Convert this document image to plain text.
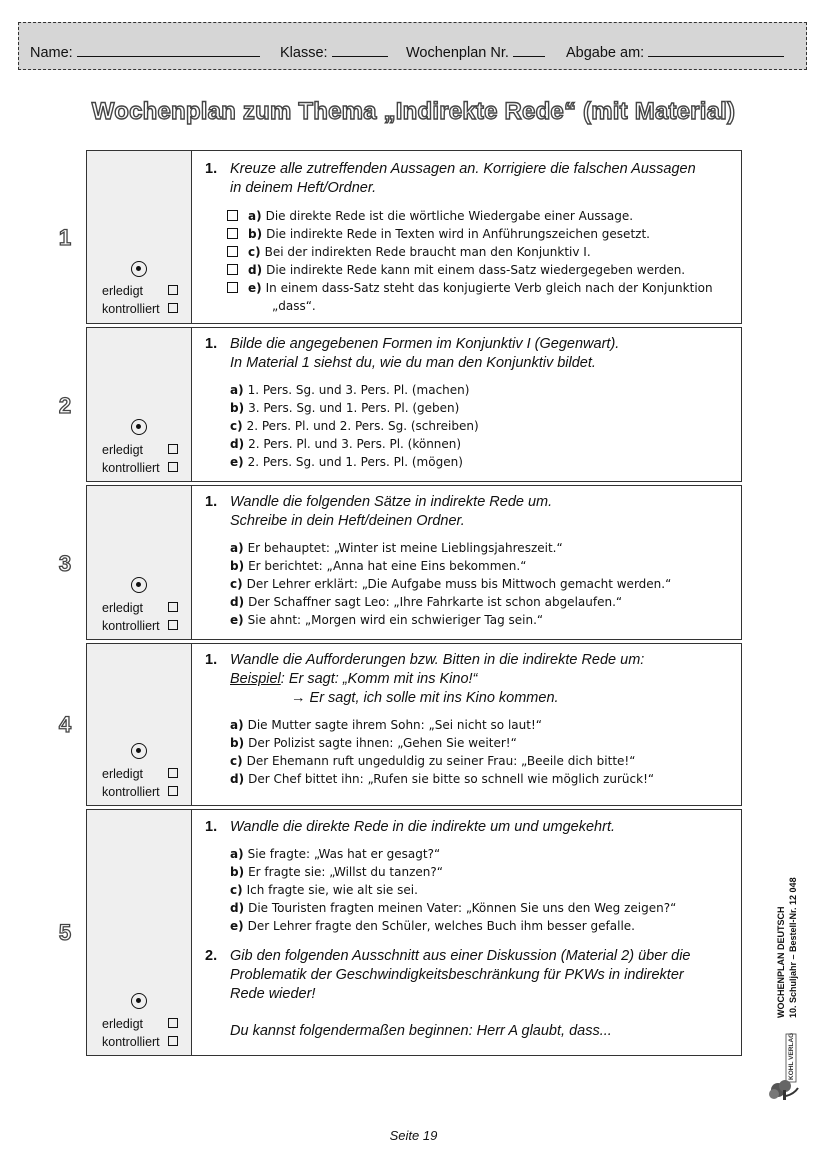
Name:	Klasse:	Wochenplan Nr.	Abgabe am:
Wochenplan zum Thema „Indirekte Rede“ (mit Material)
1
erledigt
kontrolliert
1. Kreuze alle zutreffenden Aussagen an. Korrigiere die falschen Aussagen
in deinem Heft/Ordner.
a) Die direkte Rede ist die wörtliche Wiedergabe einer Aussage.
b) Die indirekte Rede in Texten wird in Anführungszeichen gesetzt.
c) Bei der indirekten Rede braucht man den Konjunktiv I.
d) Die indirekte Rede kann mit einem dass-Satz wiedergegeben werden.
e) In einem dass-Satz steht das konjugierte Verb gleich nach der Konjunktion
„dass“.
2
erledigt
kontrolliert
1. Bilde die angegebenen Formen im Konjunktiv I (Gegenwart).
In Material 1 siehst du, wie du man den Konjunktiv bildet.
a) 1. Pers. Sg. und 3. Pers. Pl. (machen)
b) 3. Pers. Sg. und 1. Pers. Pl. (geben)
c) 2. Pers. Pl. und 2. Pers. Sg. (schreiben)
d) 2. Pers. Pl. und 3. Pers. Pl. (können)
e) 2. Pers. Sg. und 1. Pers. Pl. (mögen)
3
erledigt
kontrolliert
1. Wandle die folgenden Sätze in indirekte Rede um.
Schreibe in dein Heft/deinen Ordner.
a) Er behauptet: „Winter ist meine Lieblingsjahreszeit.“
b) Er berichtet: „Anna hat eine Eins bekommen.“
c) Der Lehrer erklärt: „Die Aufgabe muss bis Mittwoch gemacht werden.“
d) Der Schaffner sagt Leo: „Ihre Fahrkarte ist schon abgelaufen.“
e) Sie ahnt: „Morgen wird ein schwieriger Tag sein.“
4
erledigt
kontrolliert
1. Wandle die Aufforderungen bzw. Bitten in die indirekte Rede um:
Beispiel: Er sagt: „Komm mit ins Kino!“
→ Er sagt, ich solle mit ins Kino kommen.
a) Die Mutter sagte ihrem Sohn: „Sei nicht so laut!“
b) Der Polizist sagte ihnen: „Gehen Sie weiter!“
c) Der Ehemann ruft ungeduldig zu seiner Frau: „Beeile dich bitte!“
d) Der Chef bittet ihn: „Rufen sie bitte so schnell wie möglich zurück!“
5
erledigt
kontrolliert
1. Wandle die direkte Rede in die indirekte um und umgekehrt.
a) Sie fragte: „Was hat er gesagt?“
b) Er fragte sie: „Willst du tanzen?“
c) Ich fragte sie, wie alt sie sei.
d) Die Touristen fragten meinen Vater: „Können Sie uns den Weg zeigen?“
e) Der Lehrer fragte den Schüler, welches Buch ihm besser gefalle.
2. Gib den folgenden Ausschnitt aus einer Diskussion (Material 2) über die
Problematik der Geschwindigkeitsbeschränkung für PKWs in indirekter
Rede wieder!
Du kannst folgendermaßen beginnen: Herr A glaubt, dass...
WOCHENPLAN DEUTSCH 10. Schuljahr – Bestell-Nr. 12 048
KOHL VERLAG
Seite 19
